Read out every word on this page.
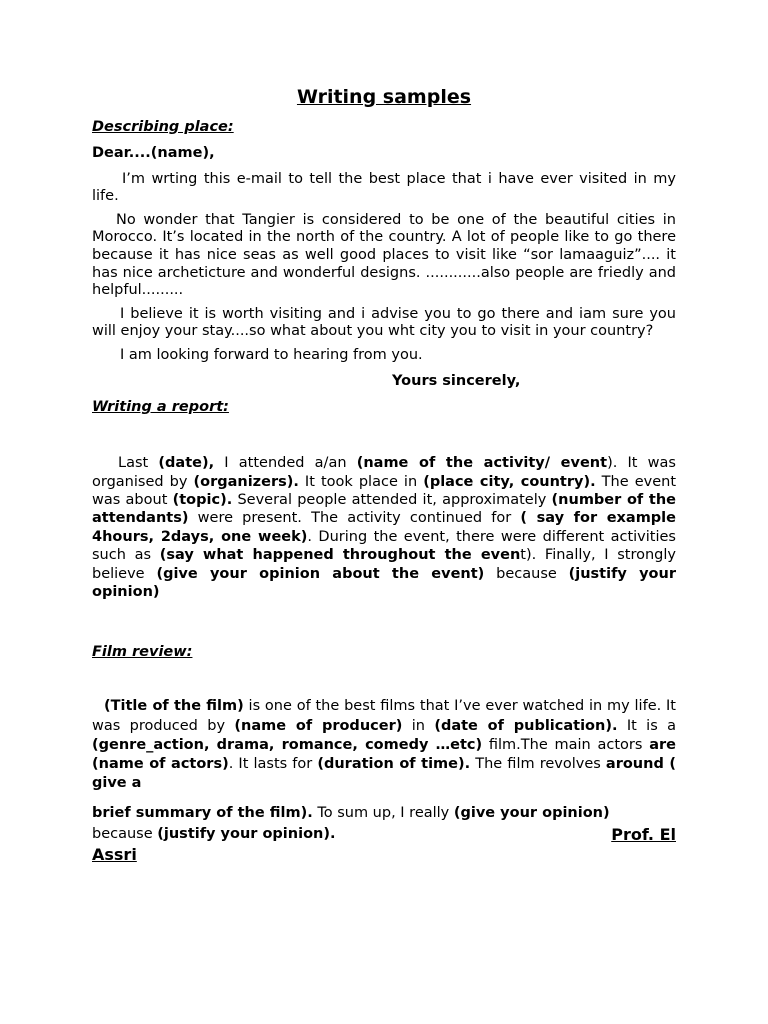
Writing samples
Describing place:

Dear....(name),

I’m wrting this e-mail to tell the best place that i have ever visited in my life.

No wonder that Tangier is considered to be one of the beautiful cities in Morocco. It’s located in the north of the country. A lot of people like to go there because it has nice seas as well good places to visit like “sor lamaaguiz”.... it has nice archeticture and wonderful designs. ............also people are friedly and helpful.........

I believe it is worth visiting and i advise you to go there and iam sure you will enjoy your stay....so what about you wht city you to visit in your country?

I am looking forward to hearing from you.

Yours sincerely,

Writing a report:

Last (date), I attended a/an (name of the activity/ event). It was organised by (organizers). It took place in (place city, country). The event was about (topic). Several people attended it, approximately (number of the attendants) were present. The activity continued for ( say for example 4hours, 2days, one week). During the event, there were different activities such as (say what happened throughout the event). Finally, I strongly believe (give your opinion about the event) because (justify your opinion)

Film review:

(Title of the film) is one of the best films that I’ve ever watched in my life. It was produced by (name of producer) in (date of publication). It is a (genre_action, drama, romance, comedy …etc) film.The main actors are (name of actors). It lasts for (duration of time). The film revolves around ( give a

brief summary of the film). To sum up, I really (give your opinion)
because (justify your opinion).	Prof. El

Assri
